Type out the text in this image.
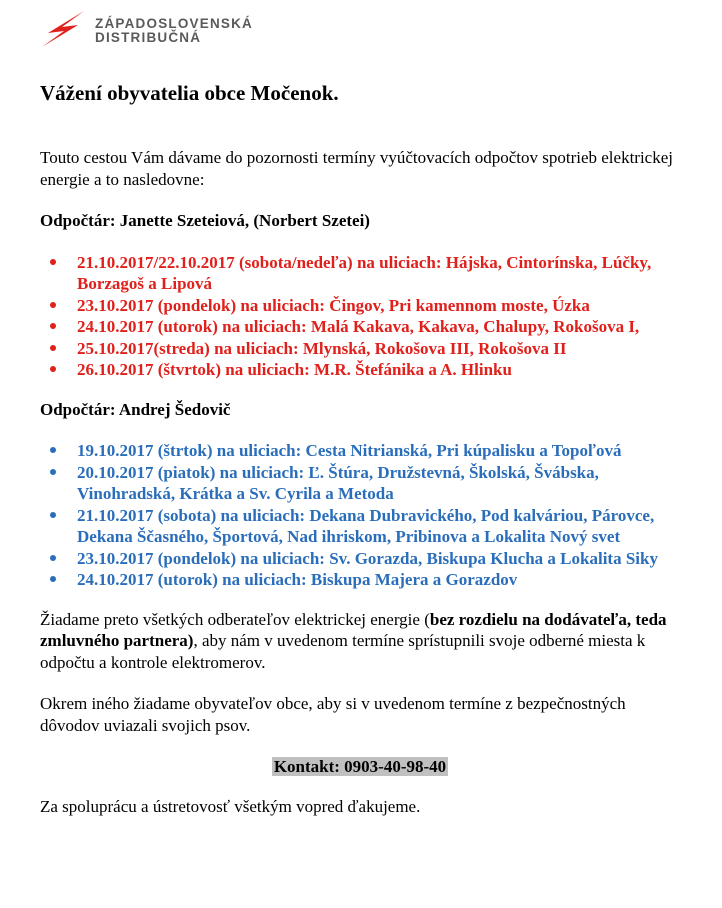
ZÁPADOSLOVENSKÁ
DISTRIBUČNÁ
Vážení obyvatelia obce Močenok.

Touto cestou Vám dávame do pozornosti termíny vyúčtovacích odpočtov spotrieb elektrickej energie a to nasledovne:

Odpočtár: Janette Szeteiová, (Norbert Szetei)

21.10.2017/22.10.2017 (sobota/nedeľa) na uliciach: Hájska, Cintorínska, Lúčky, Borzagoš a Lipová
23.10.2017 (pondelok) na uliciach: Čingov, Pri kamennom moste, Úzka
24.10.2017 (utorok) na uliciach: Malá Kakava, Kakava, Chalupy, Rokošova I,
25.10.2017(streda) na uliciach: Mlynská, Rokošova III, Rokošova II
26.10.2017 (štvrtok) na uliciach: M.R. Štefánika a A. Hlinku

Odpočtár: Andrej Šedovič

19.10.2017 (štrtok) na uliciach: Cesta Nitrianská, Pri kúpalisku a Topoľová
20.10.2017 (piatok) na uliciach: Ľ. Štúra, Družstevná, Školská, Švábska, Vinohradská, Krátka a Sv. Cyrila a Metoda
21.10.2017 (sobota) na uliciach: Dekana Dubravického, Pod kalváriou, Párovce, Dekana Ščasného, Športová, Nad ihriskom, Pribinova a Lokalita Nový svet
23.10.2017 (pondelok) na uliciach: Sv. Gorazda, Biskupa Klucha a Lokalita Siky
24.10.2017 (utorok) na uliciach: Biskupa Majera a Gorazdov

Žiadame preto všetkých odberateľov elektrickej energie (bez rozdielu na dodávateľa, teda zmluvného partnera), aby nám v uvedenom termíne sprístupnili svoje odberné miesta k odpočtu a kontrole elektromerov.

Okrem iného žiadame obyvateľov obce, aby si v uvedenom termíne z bezpečnostných dôvodov uviazali svojich psov.

Kontakt: 0903-40-98-40

Za spoluprácu a ústretovosť všetkým vopred ďakujeme.
